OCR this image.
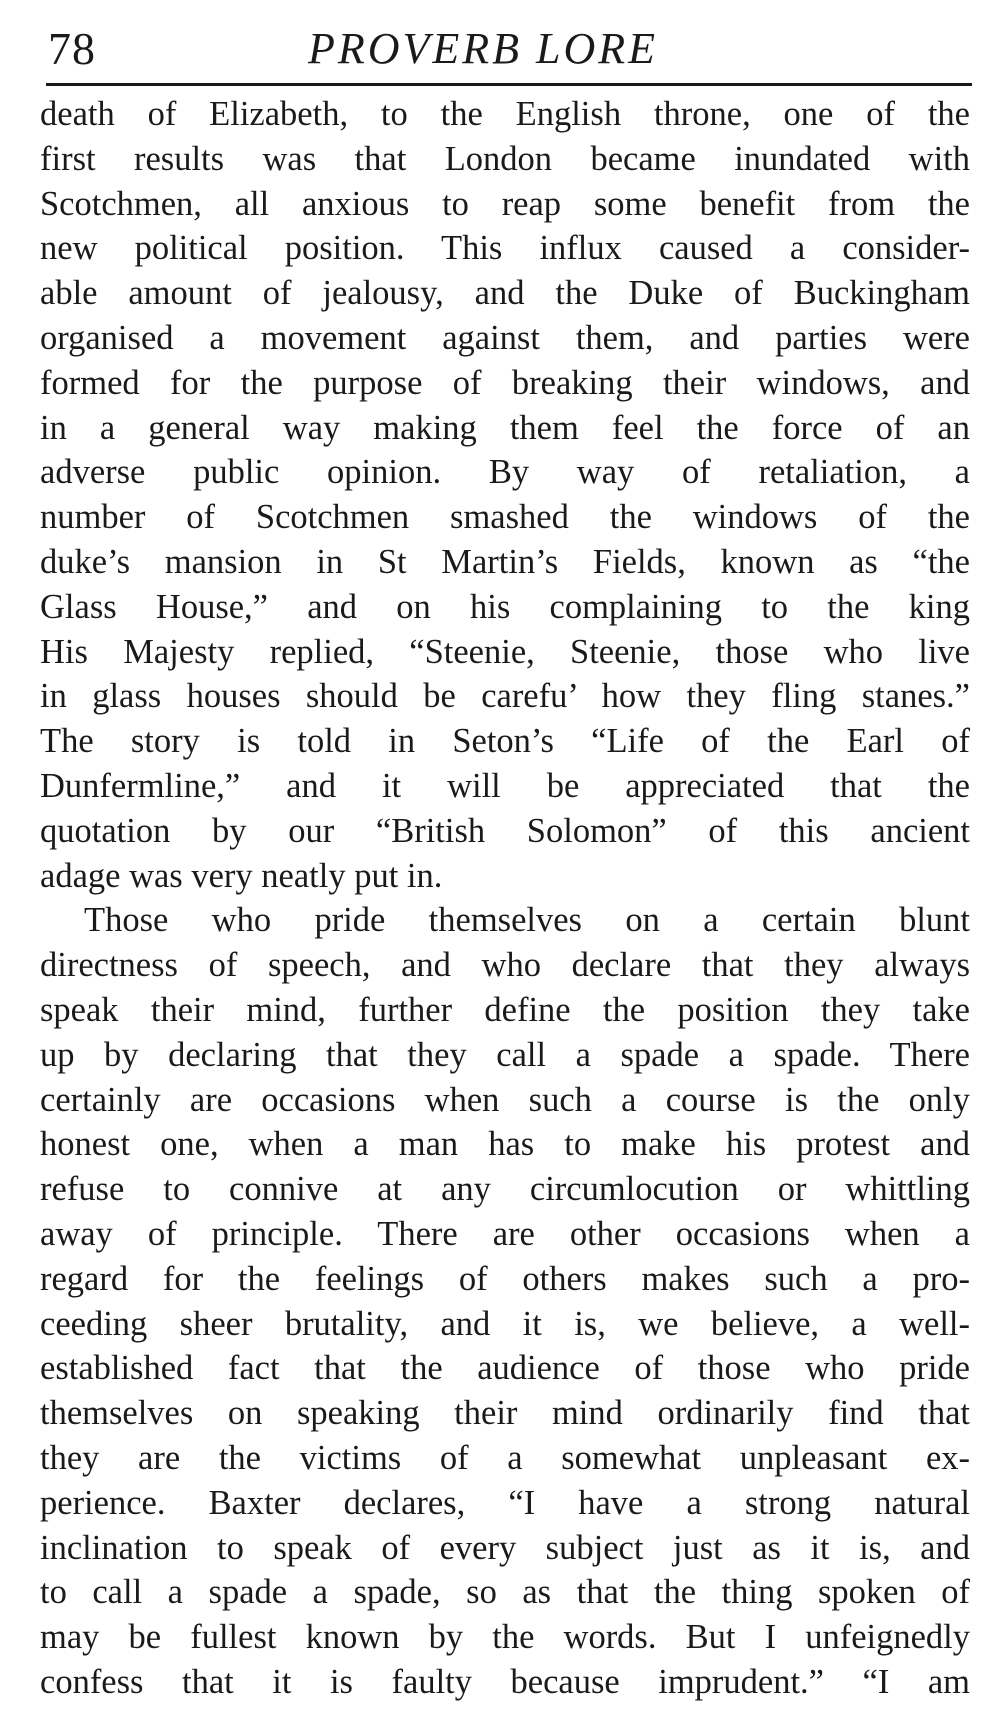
78	PROVERB LORE
death of Elizabeth, to the English throne, one of the
first results was that London became inundated with
Scotchmen, all anxious to reap some benefit from the
new political position. This influx caused a consider-
able amount of jealousy, and the Duke of Buckingham
organised a movement against them, and parties were
formed for the purpose of breaking their windows, and
in a general way making them feel the force of an
adverse public opinion. By way of retaliation, a
number of Scotchmen smashed the windows of the
duke’s mansion in St Martin’s Fields, known as “the
Glass House,” and on his complaining to the king
His Majesty replied, “Steenie, Steenie, those who live
in glass houses should be carefu’ how they fling stanes.”
The story is told in Seton’s “Life of the Earl of
Dunfermline,” and it will be appreciated that the
quotation by our “British Solomon” of this ancient
adage was very neatly put in.
Those who pride themselves on a certain blunt
directness of speech, and who declare that they always
speak their mind, further define the position they take
up by declaring that they call a spade a spade. There
certainly are occasions when such a course is the only
honest one, when a man has to make his protest and
refuse to connive at any circumlocution or whittling
away of principle. There are other occasions when a
regard for the feelings of others makes such a pro-
ceeding sheer brutality, and it is, we believe, a well-
established fact that the audience of those who pride
themselves on speaking their mind ordinarily find that
they are the victims of a somewhat unpleasant ex-
perience. Baxter declares, “I have a strong natural
inclination to speak of every subject just as it is, and
to call a spade a spade, so as that the thing spoken of
may be fullest known by the words. But I unfeignedly
confess that it is faulty because imprudent.” “I am
